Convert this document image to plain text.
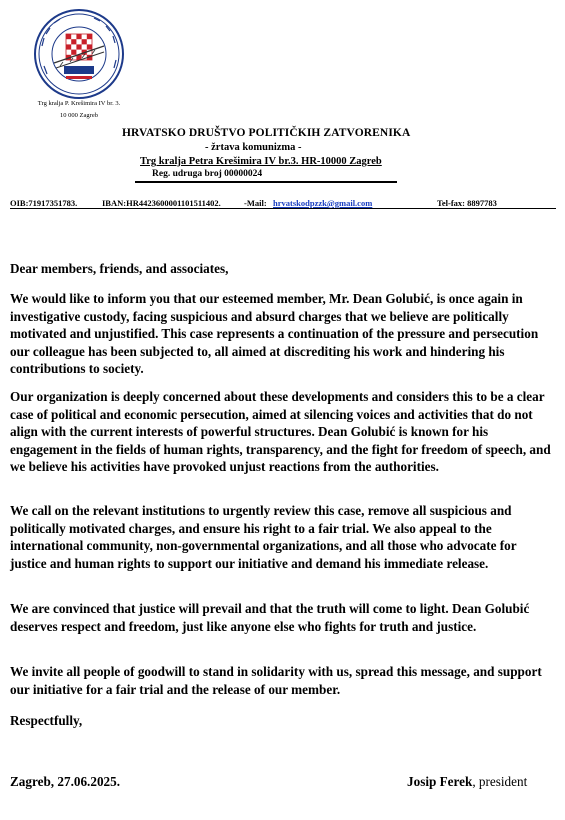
Trg kralja P. Krešimira IV br. 3.
10 000 Zagreb
HRVATSKO DRUŠTVO POLITIČKIH ZATVORENIKA
- žrtava komunizma -
Trg kralja Petra Krešimira IV br.3. HR-10000 Zagreb
Reg. udruga broj 00000024
OIB:71917351783.	IBAN:HR4423600001101511402.	-Mail: hrvatskodpzzk@gmail.com	Tel-fax: 8897783

Dear members, friends, and associates,

We would like to inform you that our esteemed member, Mr. Dean Golubić, is once again in investigative custody, facing suspicious and absurd charges that we believe are politically motivated and unjustified. This case represents a continuation of the pressure and persecution our colleague has been subjected to, all aimed at discrediting his work and hindering his contributions to society.

Our organization is deeply concerned about these developments and considers this to be a clear case of political and economic persecution, aimed at silencing voices and activities that do not align with the current interests of powerful structures. Dean Golubić is known for his engagement in the fields of human rights, transparency, and the fight for freedom of speech, and we believe his activities have provoked unjust reactions from the authorities.

We call on the relevant institutions to urgently review this case, remove all suspicious and politically motivated charges, and ensure his right to a fair trial. We also appeal to the international community, non-governmental organizations, and all those who advocate for justice and human rights to support our initiative and demand his immediate release.

We are convinced that justice will prevail and that the truth will come to light. Dean Golubić deserves respect and freedom, just like anyone else who fights for truth and justice.

We invite all people of goodwill to stand in solidarity with us, spread this message, and support our initiative for a fair trial and the release of our member.

Respectfully,

Zagreb, 27.06.2025.	Josip Ferek, president
